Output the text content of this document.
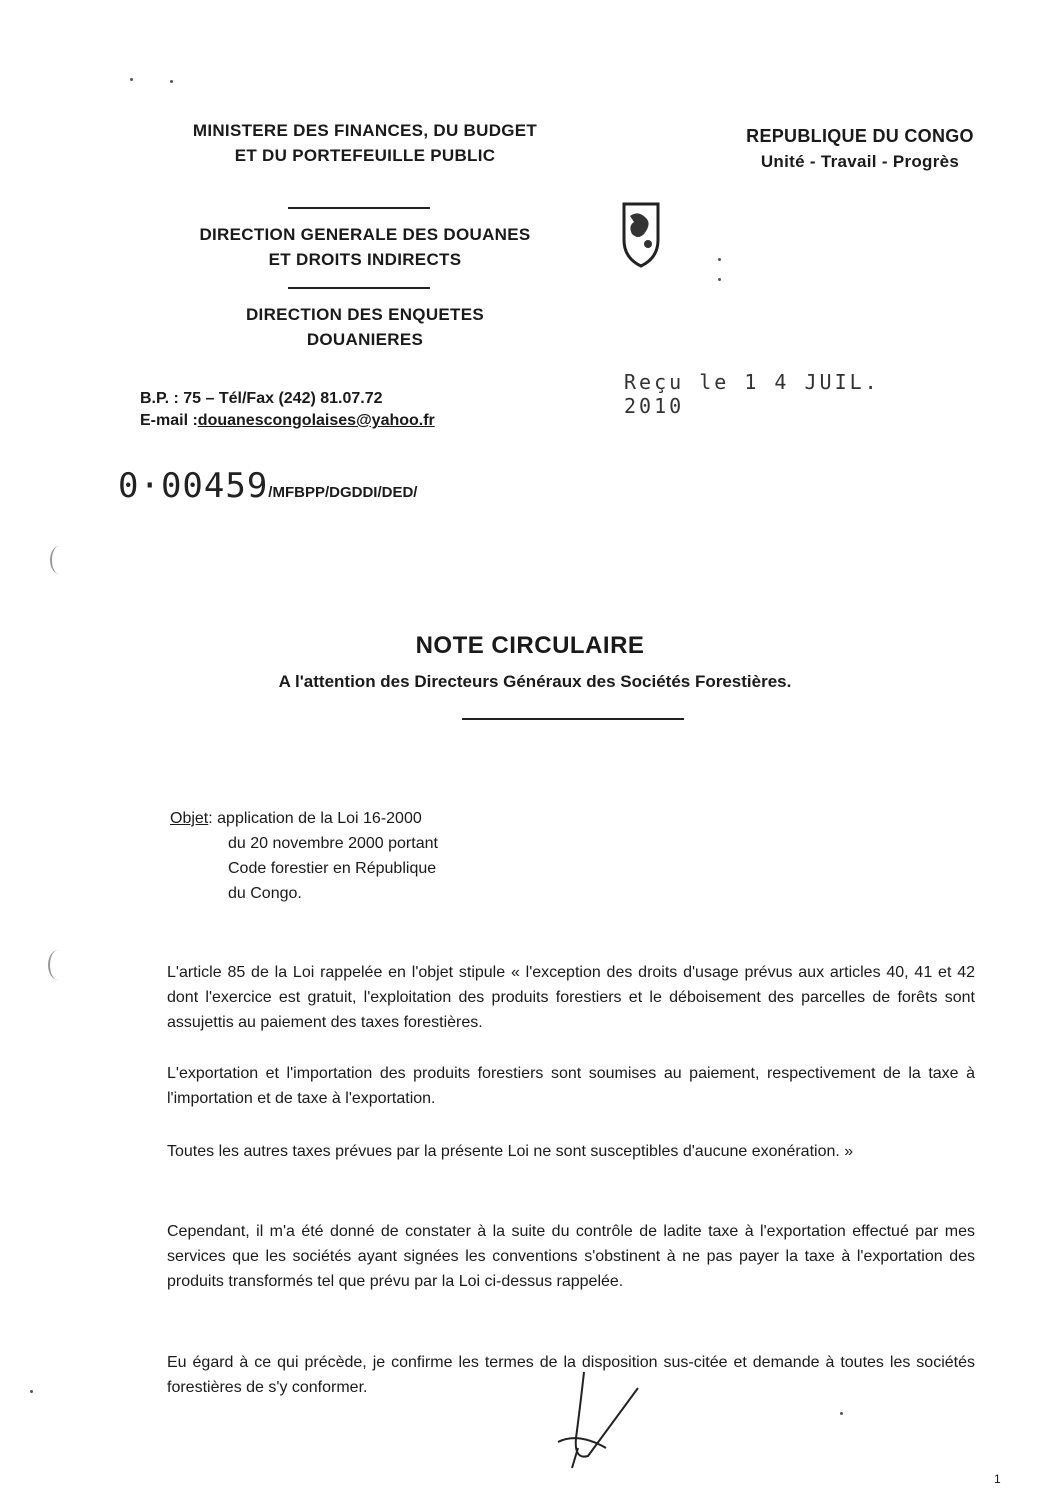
MINISTERE DES FINANCES, DU BUDGET
ET DU PORTEFEUILLE PUBLIC
DIRECTION GENERALE DES DOUANES
ET DROITS INDIRECTS
DIRECTION DES ENQUETES
DOUANIERES
REPUBLIQUE DU CONGO
Unité - Travail - Progrès
B.P. : 75 – Tél/Fax (242) 81.07.72
E-mail :douanescongolaises@yahoo.fr
Reçu le 1 4 JUIL. 2010
0·00459/MFBPP/DGDDI/DED/
NOTE CIRCULAIRE
A l'attention des Directeurs Généraux des Sociétés Forestières.
Objet: application de la Loi 16-2000
du 20 novembre 2000 portant
Code forestier en République
du Congo.
L'article 85 de la Loi rappelée en l'objet stipule « l'exception des droits d'usage prévus aux articles 40, 41 et 42 dont l'exercice est gratuit, l'exploitation des produits forestiers et le déboisement des parcelles de forêts sont assujettis au paiement des taxes forestières.
L'exportation et l'importation des produits forestiers sont soumises au paiement, respectivement de la taxe à l'importation et de taxe à l'exportation.
Toutes les autres taxes prévues par la présente Loi ne sont susceptibles d'aucune exonération. »
Cependant, il m'a été donné de constater à la suite du contrôle de ladite taxe à l'exportation effectué par mes services que les sociétés ayant signées les conventions s'obstinent à ne pas payer la taxe à l'exportation des produits transformés tel que prévu par la Loi ci-dessus rappelée.
Eu égard à ce qui précède, je confirme les termes de la disposition sus-citée et demande à toutes les sociétés forestières de s'y conformer.
1
